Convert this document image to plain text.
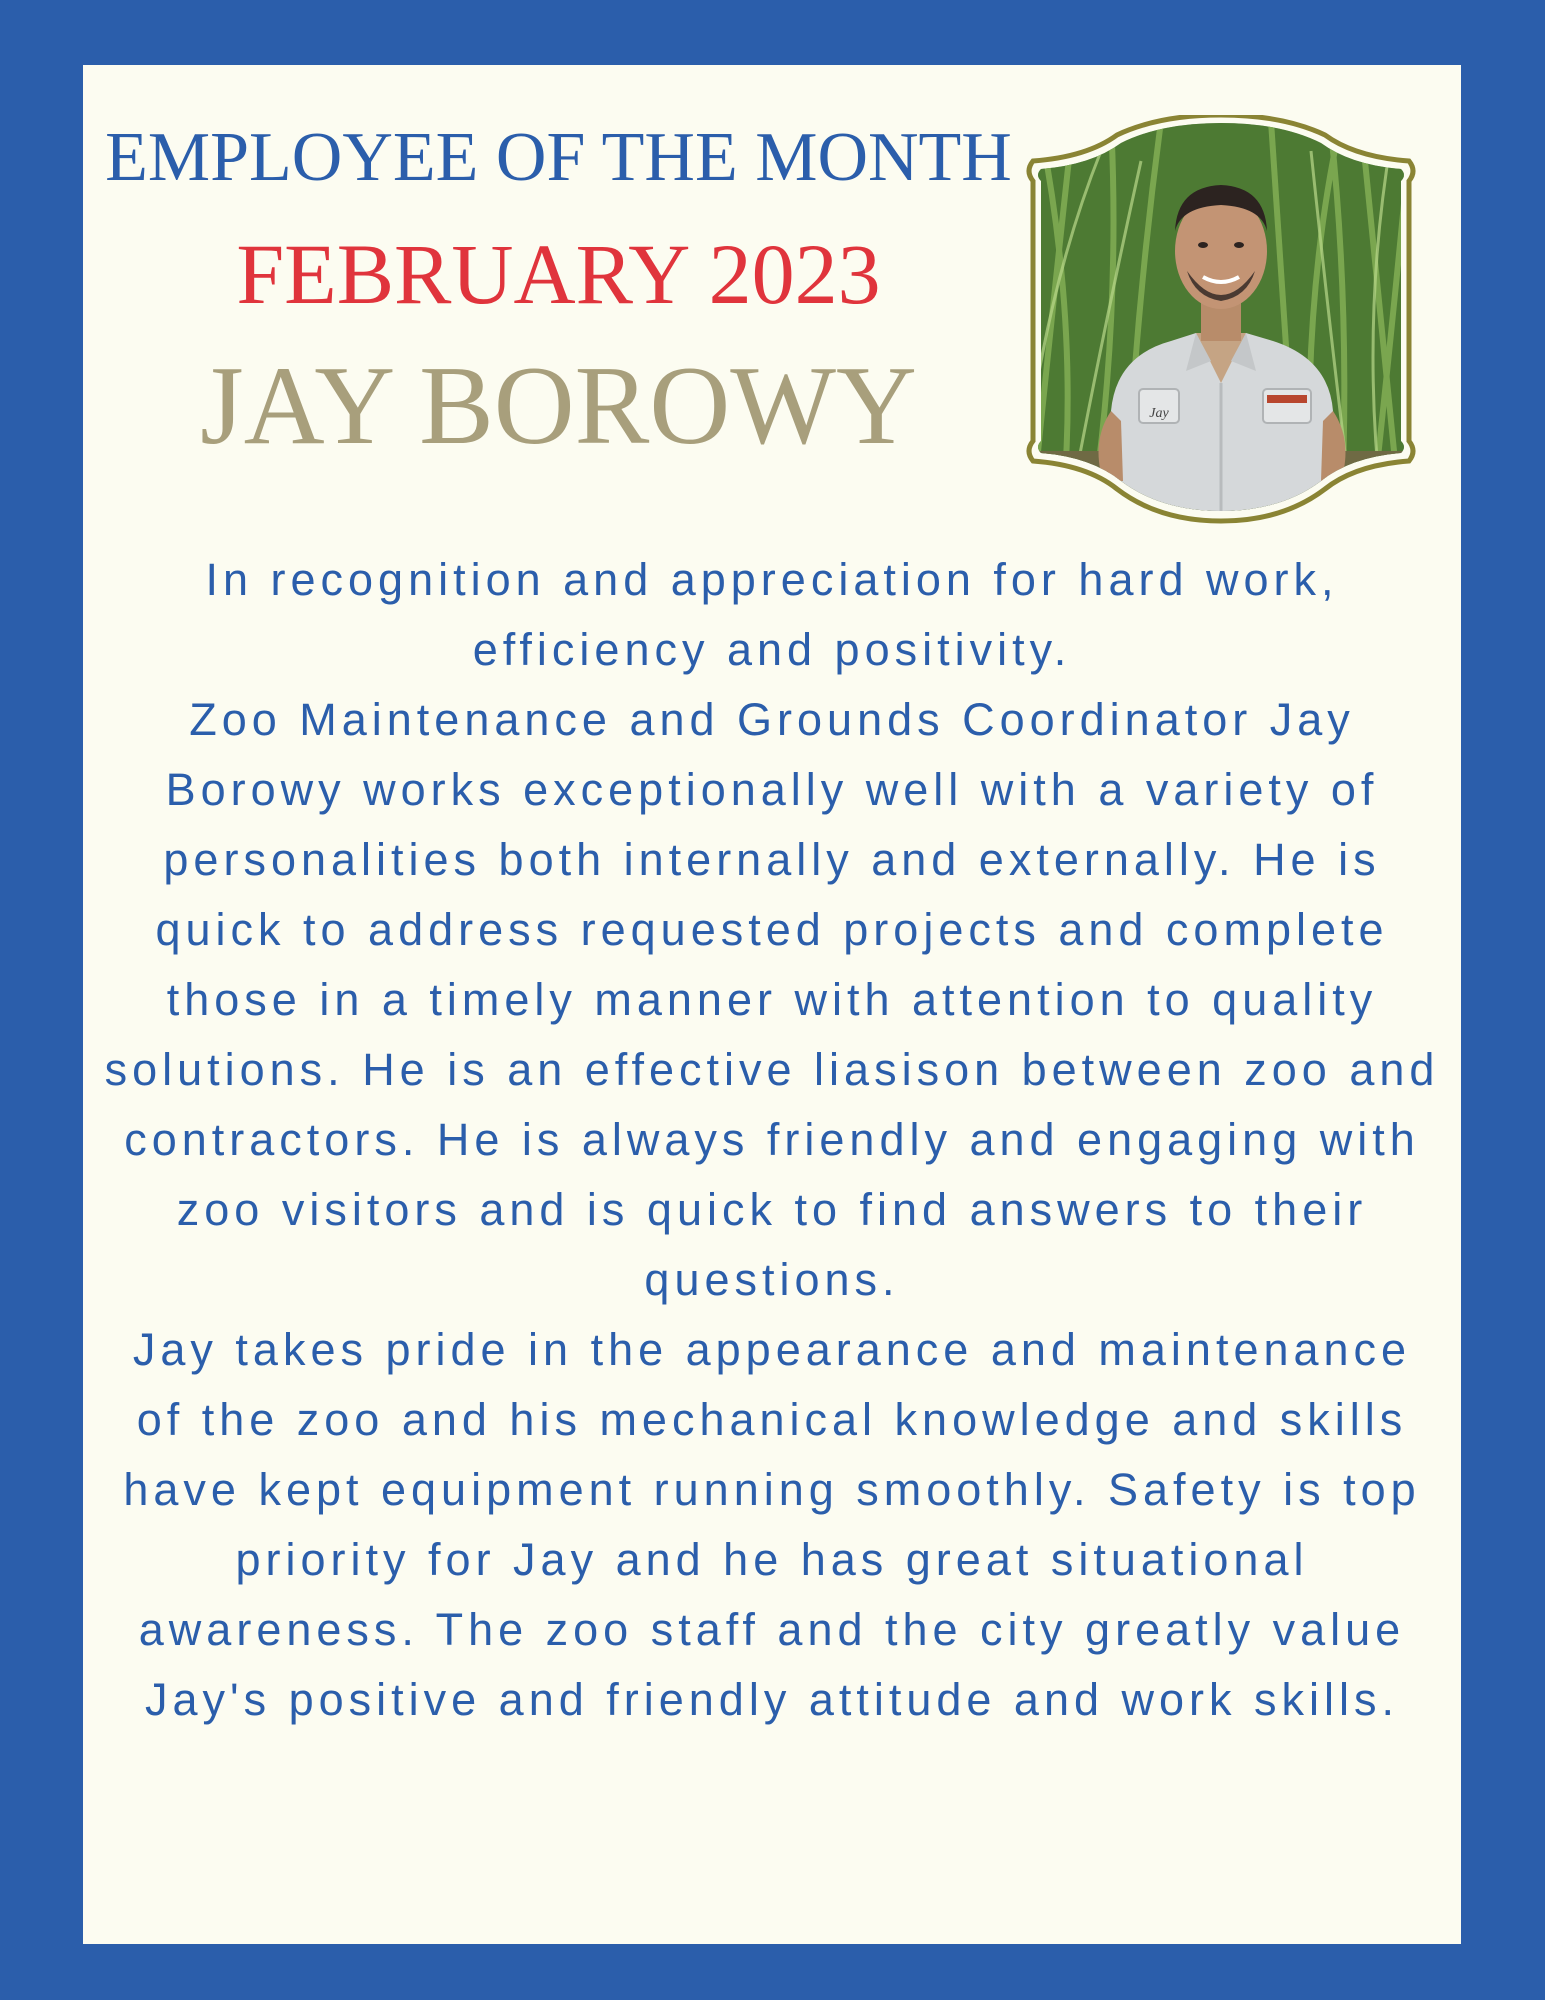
EMPLOYEE OF THE MONTH
FEBRUARY 2023
JAY BOROWY	Jay

In recognition and appreciation for hard work, efficiency and positivity.

Zoo Maintenance and Grounds Coordinator Jay Borowy works exceptionally well with a variety of personalities both internally and externally. He is quick to address requested projects and complete those in a timely manner with attention to quality solutions. He is an effective liasison between zoo and contractors. He is always friendly and engaging with zoo visitors and is quick to find answers to their questions.

Jay takes pride in the appearance and maintenance of the zoo and his mechanical knowledge and skills have kept equipment running smoothly. Safety is top priority for Jay and he has great situational awareness. The zoo staff and the city greatly value Jay's positive and friendly attitude and work skills.
